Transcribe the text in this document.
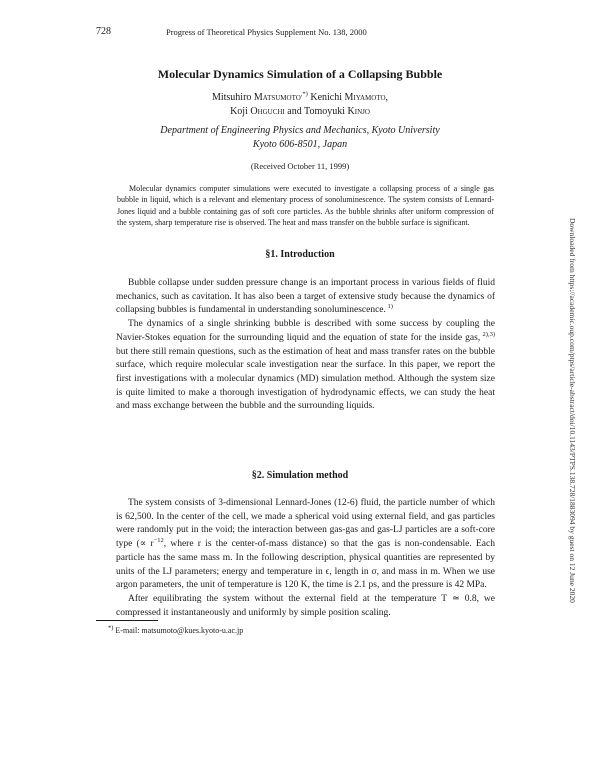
728	Progress of Theoretical Physics Supplement No. 138, 2000
Molecular Dynamics Simulation of a Collapsing Bubble
Mitsuhiro Matsumoto,*) Kenichi Miyamoto,
Koji Ohguchi and Tomoyuki Kinjo
Department of Engineering Physics and Mechanics, Kyoto University
Kyoto 606-8501, Japan
(Received October 11, 1999)
Molecular dynamics computer simulations were executed to investigate a collapsing process of a single gas bubble in liquid, which is a relevant and elementary process of sonoluminescence. The system consists of Lennard-Jones liquid and a bubble containing gas of soft core particles. As the bubble shrinks after uniform compression of the system, sharp temperature rise is observed. The heat and mass transfer on the bubble surface is significant.
§1. Introduction

Bubble collapse under sudden pressure change is an important process in various fields of fluid mechanics, such as cavitation. It has also been a target of extensive study because the dynamics of collapsing bubbles is fundamental in understanding sonoluminescence. $^{1)}$

The dynamics of a single shrinking bubble is described with some success by coupling the Navier-Stokes equation for the surrounding liquid and the equation of state for the inside gas, $^{2),3)}$ but there still remain questions, such as the estimation of heat and mass transfer rates on the bubble surface, which require molecular scale investigation near the surface. In this paper, we report the first investigations with a molecular dynamics (MD) simulation method. Although the system size is quite limited to make a thorough investigation of hydrodynamic effects, we can study the heat and mass exchange between the bubble and the surrounding liquids.

§2. Simulation method

The system consists of 3-dimensional Lennard-Jones (12-6) fluid, the particle number of which is 62,500. In the center of the cell, we made a spherical void using external field, and gas particles were randomly put in the void; the interaction between gas-gas and gas-LJ particles are a soft-core type (∝ $r^{-12}$, where r is the center-of-mass distance) so that the gas is non-condensable. Each particle has the same mass m. In the following description, physical quantities are represented by units of the LJ parameters; energy and temperature in ϵ, length in σ, and mass in m. When we use argon parameters, the unit of temperature is 120 K, the time is 2.1 ps, and the pressure is 42 MPa.

After equilibrating the system without the external field at the temperature T ≃ 0.8, we compressed it instantaneously and uniformly by simple position scaling.

*) E-mail: matsumoto@kues.kyoto-u.ac.jp
Downloaded from https://academic.oup.com/ptps/article-abstract/doi/10.1143/PTPS.138.728/1883094 by guest on 12 June 2020
